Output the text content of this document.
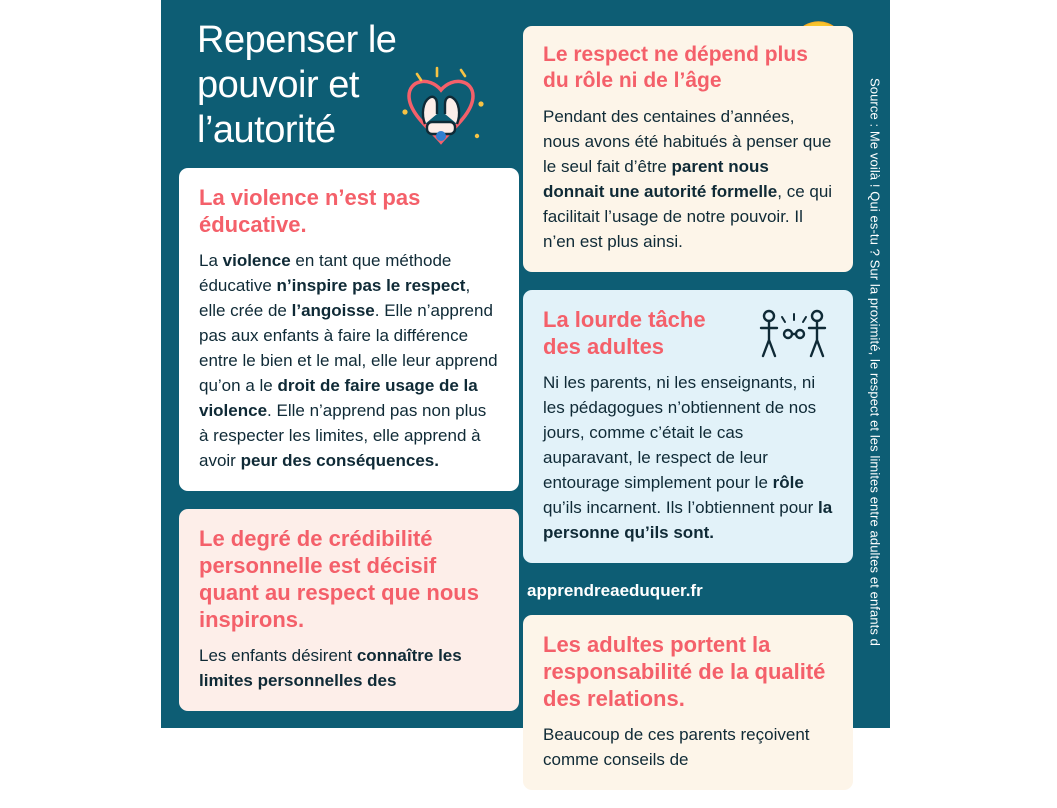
Repenser le pouvoir et l’autorité
La violence n’est pas éducative.

La violence en tant que méthode éducative n’inspire pas le respect, elle crée de l’angoisse. Elle n’apprend pas aux enfants à faire la différence entre le bien et le mal, elle leur apprend qu’on a le droit de faire usage de la violence. Elle n’apprend pas non plus à respecter les limites, elle apprend à avoir peur des conséquences.

Le degré de crédibilité personnelle est décisif quant au respect que nous inspirons.

Les enfants désirent connaître les limites personnelles des

Le respect ne dépend plus du rôle ni de l’âge

Pendant des centaines d’années, nous avons été habitués à penser que le seul fait d’être parent nous donnait une autorité formelle, ce qui facilitait l’usage de notre pouvoir. Il n’en est plus ainsi.

La lourde tâche des adultes

Ni les parents, ni les enseignants, ni les pédagogues n’obtiennent de nos jours, comme c’était le cas auparavant, le respect de leur entourage simplement pour le rôle qu’ils incarnent. Ils l’obtiennent pour la personne qu’ils sont.

apprendreaeduquer.fr
Les adultes portent la responsabilité de la qualité des relations.

Beaucoup de ces parents reçoivent comme conseils de

Source : Me voilà ! Qui es-tu ? Sur la proximité, le respect et les limites entre adultes et enfants d
